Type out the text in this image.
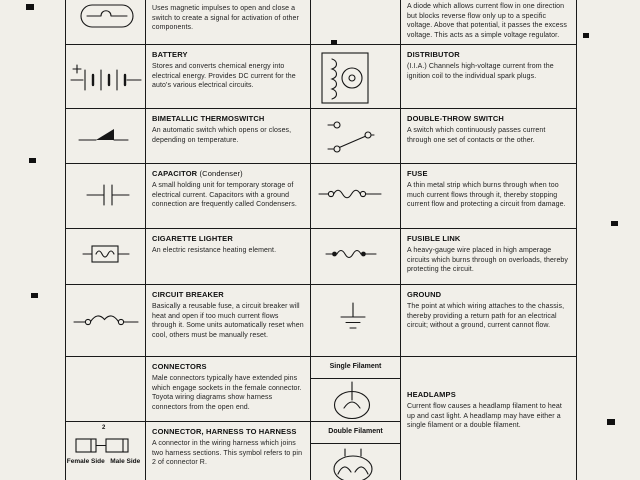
Uses magnetic impulses to open and close a switch to create a signal for activation of other components.
A diode which allows current flow in one direction but blocks reverse flow only up to a specific voltage. Above that potential, it passes the excess voltage. This acts as a simple voltage regulator.
BATTERY
Stores and converts chemical energy into electrical energy. Provides DC current for the auto's various electrical circuits.
DISTRIBUTOR
(I.I.A.) Channels high-voltage current from the ignition coil to the individual spark plugs.
BIMETALLIC THERMOSWITCH
An automatic switch which opens or closes, depending on temperature.
DOUBLE-THROW SWITCH
A switch which continuously passes current through one set of contacts or the other.
CAPACITOR (Condenser)
A small holding unit for temporary storage of electrical current. Capacitors with a ground connection are frequently called Condensers.
FUSE
A thin metal strip which burns through when too much current flows through it, thereby stopping current flow and protecting a circuit from damage.
CIGARETTE LIGHTER
An electric resistance heating element.
FUSIBLE LINK
A heavy-gauge wire placed in high amperage circuits which burns through on overloads, thereby protecting the circuit.
CIRCUIT BREAKER
Basically a reusable fuse, a circuit breaker will heat and open if too much current flows through it. Some units automatically reset when cool, others must be manually reset.
GROUND
The point at which wiring attaches to the chassis, thereby providing a return path for an electrical circuit; without a ground, current cannot flow.
CONNECTORS
Male connectors typically have extended pins which engage sockets in the female connector. Toyota wiring diagrams show harness connectors from the open end.
Single Filament
HEADLAMPS
Current flow causes a headlamp filament to heat up and cast light. A headlamp may have either a single filament or a double filament.
2
Female Side Male Side
CONNECTOR, HARNESS TO HARNESS
A connector in the wiring harness which joins two harness sections. This symbol refers to pin 2 of connector R.
Double Filament
